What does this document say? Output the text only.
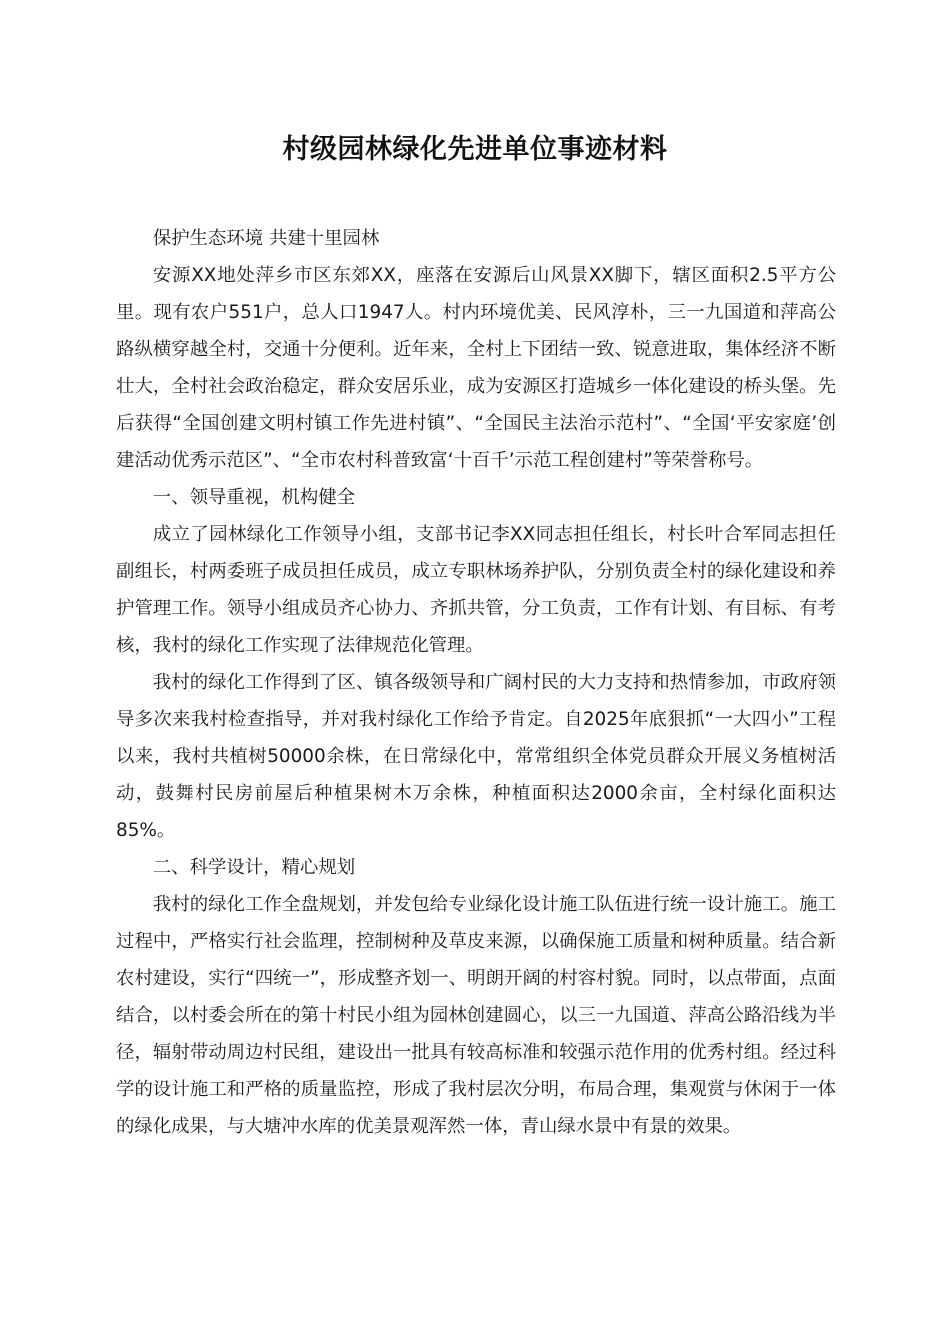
村级园林绿化先进单位事迹材料

保护生态环境 共建十里园林

安源XX地处萍乡市区东郊XX，座落在安源后山风景XX脚下，辖区面积2.5平方公里。现有农户551户，总人口1947人。村内环境优美、民风淳朴，三一九国道和萍高公路纵横穿越全村，交通十分便利。近年来，全村上下团结一致、锐意进取，集体经济不断壮大，全村社会政治稳定，群众安居乐业，成为安源区打造城乡一体化建设的桥头堡。先后获得“全国创建文明村镇工作先进村镇”、“全国民主法治示范村”、“全国‘平安家庭’创建活动优秀示范区”、“全市农村科普致富‘十百千’示范工程创建村”等荣誉称号。

一、领导重视，机构健全

成立了园林绿化工作领导小组，支部书记李XX同志担任组长，村长叶合军同志担任副组长，村两委班子成员担任成员，成立专职林场养护队，分别负责全村的绿化建设和养护管理工作。领导小组成员齐心协力、齐抓共管，分工负责，工作有计划、有目标、有考核，我村的绿化工作实现了法律规范化管理。

我村的绿化工作得到了区、镇各级领导和广阔村民的大力支持和热情参加，市政府领导多次来我村检查指导，并对我村绿化工作给予肯定。自2025年底狠抓“一大四小”工程以来，我村共植树50000余株，在日常绿化中，常常组织全体党员群众开展义务植树活动，鼓舞村民房前屋后种植果树木万余株，种植面积达2000余亩，全村绿化面积达85%。

二、科学设计，精心规划

我村的绿化工作全盘规划，并发包给专业绿化设计施工队伍进行统一设计施工。施工过程中，严格实行社会监理，控制树种及草皮来源，以确保施工质量和树种质量。结合新农村建设，实行“四统一”，形成整齐划一、明朗开阔的村容村貌。同时，以点带面，点面结合，以村委会所在的第十村民小组为园林创建圆心，以三一九国道、萍高公路沿线为半径，辐射带动周边村民组，建设出一批具有较高标准和较强示范作用的优秀村组。经过科学的设计施工和严格的质量监控，形成了我村层次分明，布局合理，集观赏与休闲于一体的绿化成果，与大塘冲水库的优美景观浑然一体，青山绿水景中有景的效果。
